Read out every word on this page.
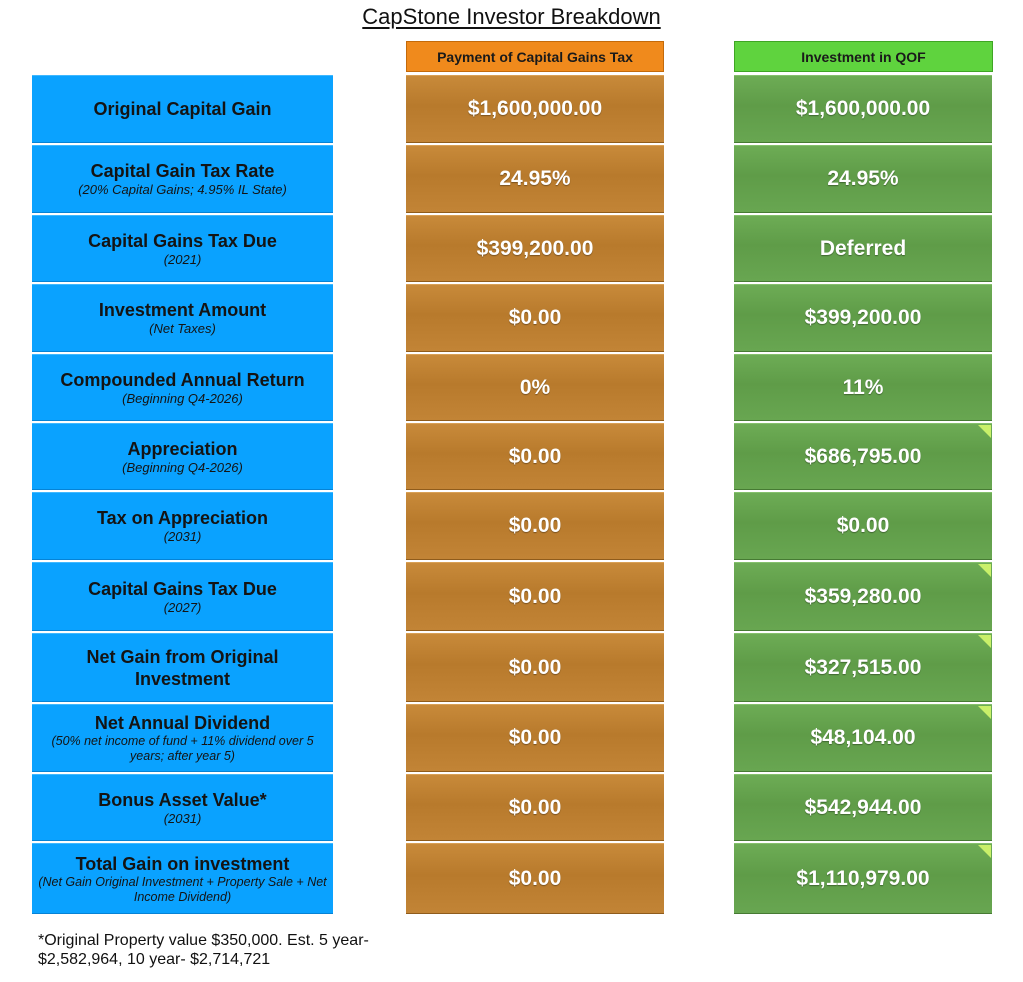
CapStone Investor Breakdown
Payment of Capital Gains Tax	Investment in QOF
Original Capital Gain
Capital Gain Tax Rate
(20% Capital Gains; 4.95% IL State)
Capital Gains Tax Due
(2021)
Investment Amount
(Net Taxes)
Compounded Annual Return
(Beginning Q4-2026)
Appreciation
(Beginning Q4-2026)
Tax on Appreciation
(2031)
Capital Gains Tax Due
(2027)
Net Gain from Original Investment
Net Annual Dividend
(50% net income of fund + 11% dividend over 5 years; after year 5)
Bonus Asset Value*
(2031)
Total Gain on investment
(Net Gain Original Investment + Property Sale + Net Income Dividend)
$1,600,000.00
24.95%
$399,200.00
$0.00
0%
$0.00
$0.00
$0.00
$0.00
$0.00
$0.00
$0.00
$1,600,000.00
24.95%
Deferred
$399,200.00
11%
$686,795.00
$0.00
$359,280.00
$327,515.00
$48,104.00
$542,944.00
$1,110,979.00
*Original Property value $350,000. Est. 5 year- $2,582,964, 10 year- $2,714,721
